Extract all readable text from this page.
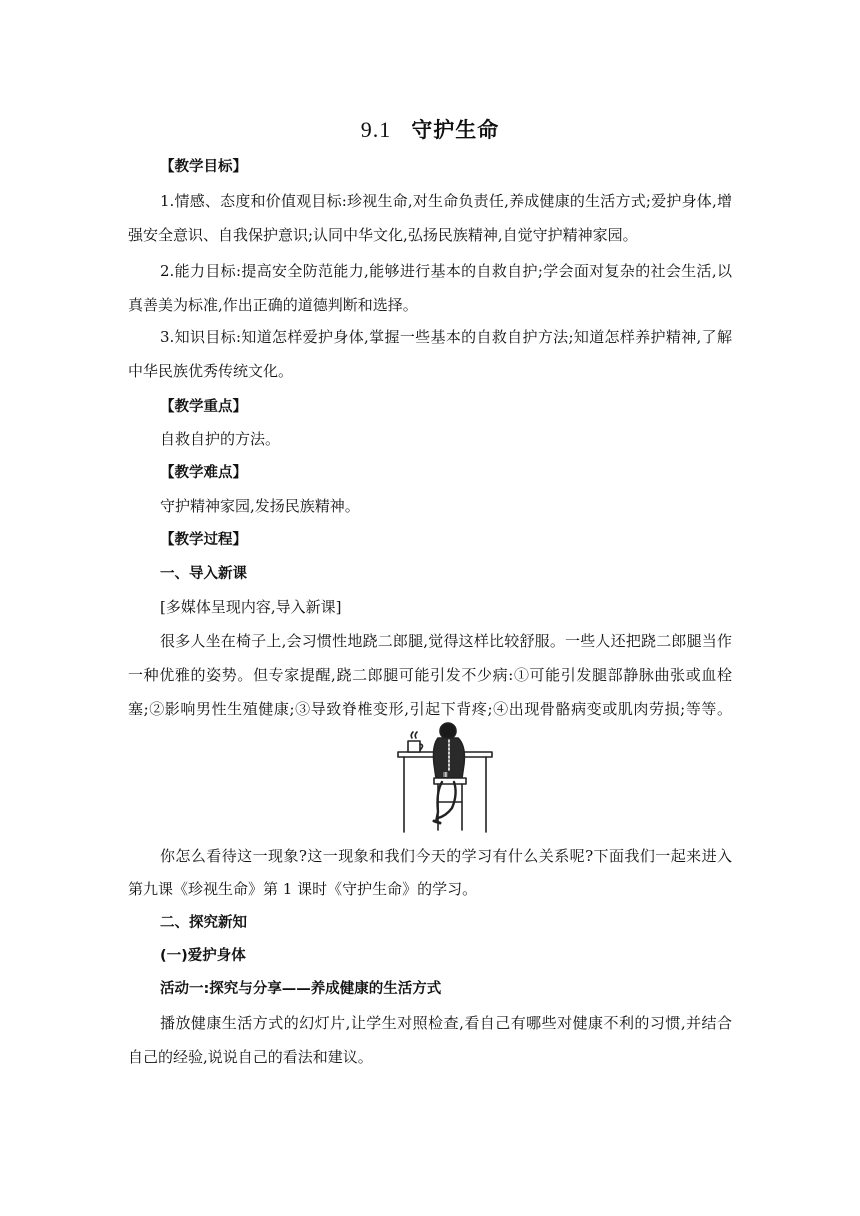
9.1 守护生命
【教学目标】
1.情感、态度和价值观目标:珍视生命,对生命负责任,养成健康的生活方式;爱护身体,增
强安全意识、自我保护意识;认同中华文化,弘扬民族精神,自觉守护精神家园。
2.能力目标:提高安全防范能力,能够进行基本的自救自护;学会面对复杂的社会生活,以
真善美为标准,作出正确的道德判断和选择。
3.知识目标:知道怎样爱护身体,掌握一些基本的自救自护方法;知道怎样养护精神,了解
中华民族优秀传统文化。
【教学重点】
自救自护的方法。
【教学难点】
守护精神家园,发扬民族精神。
【教学过程】
一、导入新课
[多媒体呈现内容,导入新课]
很多人坐在椅子上,会习惯性地跷二郎腿,觉得这样比较舒服。一些人还把跷二郎腿当作
一种优雅的姿势。但专家提醒,跷二郎腿可能引发不少病:①可能引发腿部静脉曲张或血栓
塞;②影响男性生殖健康;③导致脊椎变形,引起下背疼;④出现骨骼病变或肌肉劳损;等等。
Ⅲ
你怎么看待这一现象?这一现象和我们今天的学习有什么关系呢?下面我们一起来进入
第九课《珍视生命》第 1 课时《守护生命》的学习。
二、探究新知
(一)爱护身体
活动一:探究与分享——养成健康的生活方式
播放健康生活方式的幻灯片,让学生对照检查,看自己有哪些对健康不利的习惯,并结合
自己的经验,说说自己的看法和建议。
